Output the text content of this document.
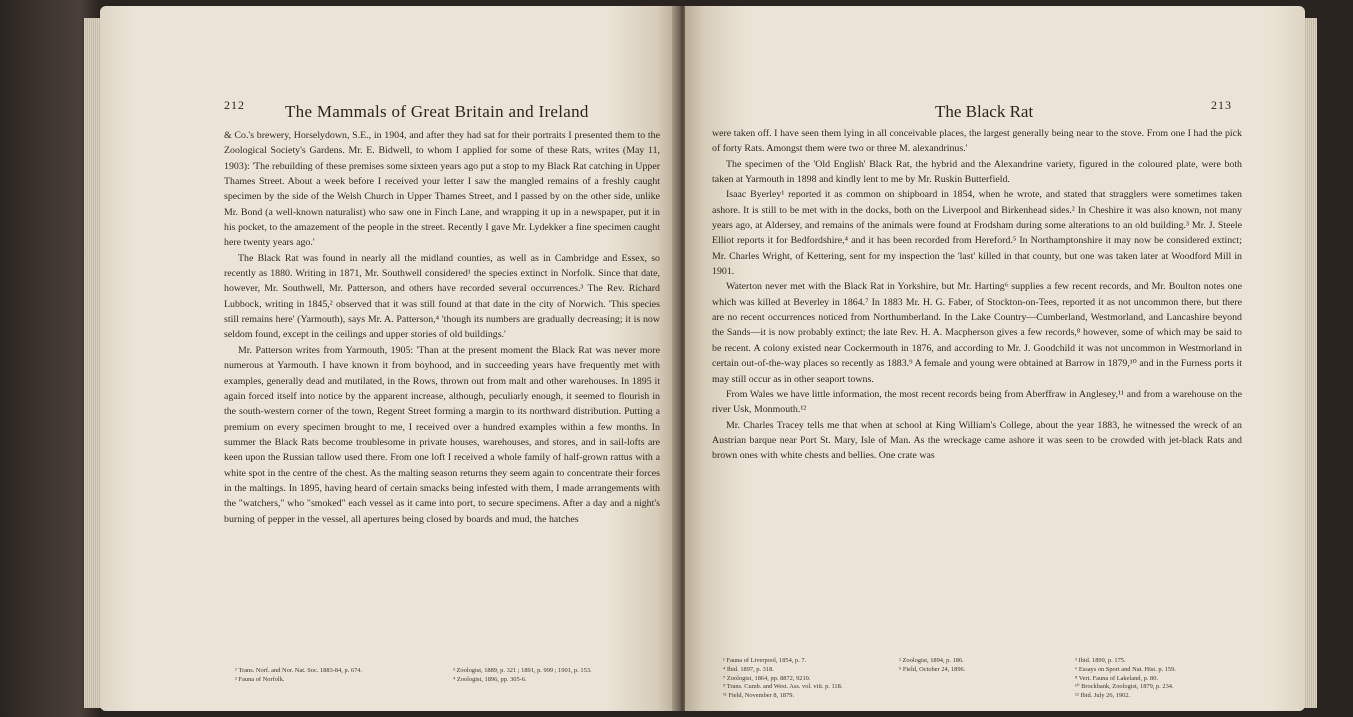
212 The Mammals of Great Britain and Ireland

& Co.'s brewery, Horselydown, S.E., in 1904, and after they had sat for their portraits I presented them to the Zoological Society's Gardens. Mr. E. Bidwell, to whom I applied for some of these Rats, writes (May 11, 1903): 'The rebuilding of these premises some sixteen years ago put a stop to my Black Rat catching in Upper Thames Street. About a week before I received your letter I saw the mangled remains of a freshly caught specimen by the side of the Welsh Church in Upper Thames Street, and I passed by on the other side, unlike Mr. Bond (a well-known naturalist) who saw one in Finch Lane, and wrapping it up in a newspaper, put it in his pocket, to the amazement of the people in the street. Recently I gave Mr. Lydekker a fine specimen caught here twenty years ago.'

The Black Rat was found in nearly all the midland counties, as well as in Cambridge and Essex, so recently as 1880. Writing in 1871, Mr. Southwell considered¹ the species extinct in Norfolk. Since that date, however, Mr. Southwell, Mr. Patterson, and others have recorded several occurrences.³ The Rev. Richard Lubbock, writing in 1845,² observed that it was still found at that date in the city of Norwich. 'This species still remains here' (Yarmouth), says Mr. A. Patterson,⁴ 'though its numbers are gradually decreasing; it is now seldom found, except in the ceilings and upper stories of old buildings.'

Mr. Patterson writes from Yarmouth, 1905: 'Than at the present moment the Black Rat was never more numerous at Yarmouth. I have known it from boyhood, and in succeeding years have frequently met with examples, generally dead and mutilated, in the Rows, thrown out from malt and other warehouses. In 1895 it again forced itself into notice by the apparent increase, although, peculiarly enough, it seemed to flourish in the south-western corner of the town, Regent Street forming a margin to its northward distribution. Putting a premium on every specimen brought to me, I received over a hundred examples within a few months. In summer the Black Rats become troublesome in private houses, warehouses, and stores, and in sail-lofts are keen upon the Russian tallow used there. From one loft I received a whole family of half-grown rattus with a white spot in the centre of the chest. As the malting season returns they seem again to concentrate their forces in the maltings. In 1895, having heard of certain smacks being infested with them, I made arrangements with the "watchers," who "smoked" each vessel as it came into port, to secure specimens. After a day and a night's burning of pepper in the vessel, all apertures being closed by boards and mud, the hatches

¹ Trans. Norf. and Nor. Nat. Soc. 1883-84, p. 674.	³ Zoologist, 1889, p. 321 ; 1891, p. 999 ; 1901, p. 153.
² Fauna of Norfolk.	⁴ Zoologist, 1896, pp. 305-6.
The Black Rat	213

were taken off. I have seen them lying in all conceivable places, the largest generally being near to the stove. From one I had the pick of forty Rats. Amongst them were two or three M. alexandrinus.'

The specimen of the 'Old English' Black Rat, the hybrid and the Alexandrine variety, figured in the coloured plate, were both taken at Yarmouth in 1898 and kindly lent to me by Mr. Ruskin Butterfield.

Isaac Byerley¹ reported it as common on shipboard in 1854, when he wrote, and stated that stragglers were sometimes taken ashore. It is still to be met with in the docks, both on the Liverpool and Birkenhead sides.² In Cheshire it was also known, not many years ago, at Aldersey, and remains of the animals were found at Frodsham during some alterations to an old building.³ Mr. J. Steele Elliot reports it for Bedfordshire,⁴ and it has been recorded from Hereford.⁵ In Northamptonshire it may now be considered extinct; Mr. Charles Wright, of Kettering, sent for my inspection the 'last' killed in that county, but one was taken later at Woodford Mill in 1901.

Waterton never met with the Black Rat in Yorkshire, but Mr. Harting⁶ supplies a few recent records, and Mr. Boulton notes one which was killed at Beverley in 1864.⁷ In 1883 Mr. H. G. Faber, of Stockton-on-Tees, reported it as not uncommon there, but there are no recent occurrences noticed from Northumberland. In the Lake Country—Cumberland, Westmorland, and Lancashire beyond the Sands—it is now probably extinct; the late Rev. H. A. Macpherson gives a few records,⁸ however, some of which may be said to be recent. A colony existed near Cockermouth in 1876, and according to Mr. J. Goodchild it was not uncommon in Westmorland in certain out-of-the-way places so recently as 1883.⁹ A female and young were obtained at Barrow in 1879,¹⁰ and in the Furness ports it may still occur as in other seaport towns.

From Wales we have little information, the most recent records being from Aberffraw in Anglesey,¹¹ and from a warehouse on the river Usk, Monmouth.¹²

Mr. Charles Tracey tells me that when at school at King William's College, about the year 1883, he witnessed the wreck of an Austrian barque near Port St. Mary, Isle of Man. As the wreckage came ashore it was seen to be crowded with jet-black Rats and brown ones with white chests and bellies. One crate was

¹ Fauna of Liverpool, 1854, p. 7.	² Zoologist, 1894, p. 186.	³ Ibid. 1899, p. 175.
⁴ Ibid. 1897, p. 318.	⁵ Field, October 24, 1896.	⁶ Essays on Sport and Nat. Hist. p. 159.
⁷ Zoologist, 1864, pp. 8872, 9210.	⁸ Vert. Fauna of Lakeland, p. 80.
⁹ Trans. Cumb. and West. Ass. vol. viii. p. 118.	¹⁰ Brockbank, Zoologist, 1879, p. 234.
¹¹ Field, November 8, 1879.	¹² Ibid. July 26, 1902.
